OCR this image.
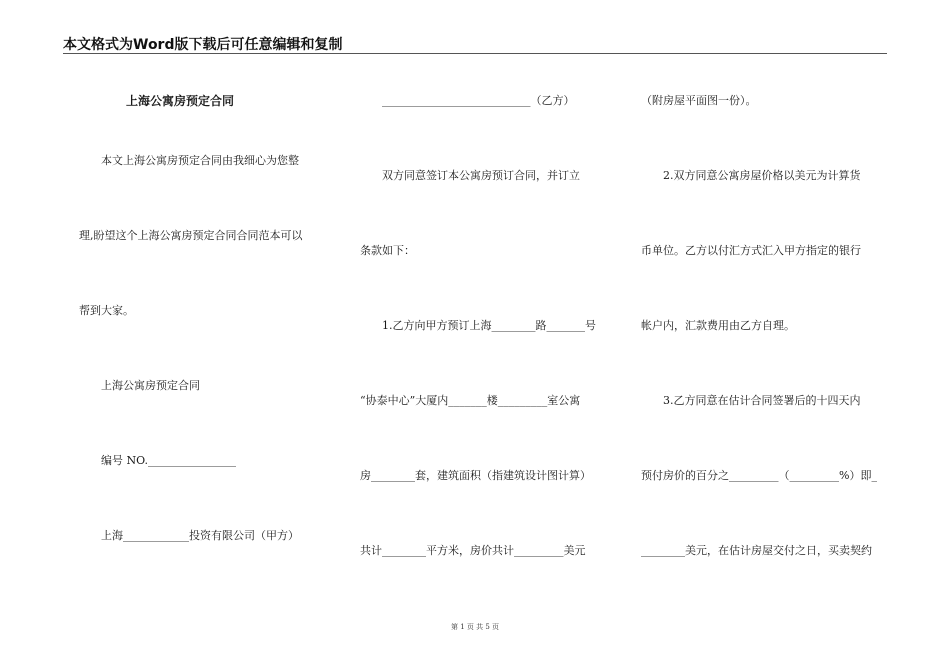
本文格式为Word版下载后可任意编辑和复制
上海公寓房预定合同
本文上海公寓房预定合同由我细心为您整
理,盼望这个上海公寓房预定合同合同范本可以
帮到大家。
上海公寓房预定合同
编号 NO.________________
上海____________投资有限公司（甲方）
___________________________（乙方）
双方同意签订本公寓房预订合同，并订立
条款如下：
1.乙方向甲方预订上海________路_______号
“协泰中心”大厦内_______楼_________室公寓
房________套，建筑面积（指建筑设计图计算）
共计________平方米，房价共计_________美元
（附房屋平面图一份）。
2.双方同意公寓房屋价格以美元为计算货
币单位。乙方以付汇方式汇入甲方指定的银行
帐户内，汇款费用由乙方自理。
3.乙方同意在估计合同签署后的十四天内
预付房价的百分之_________（_________%）即_
________美元，在估计房屋交付之日，买卖契约
第 1 页 共 5 页
